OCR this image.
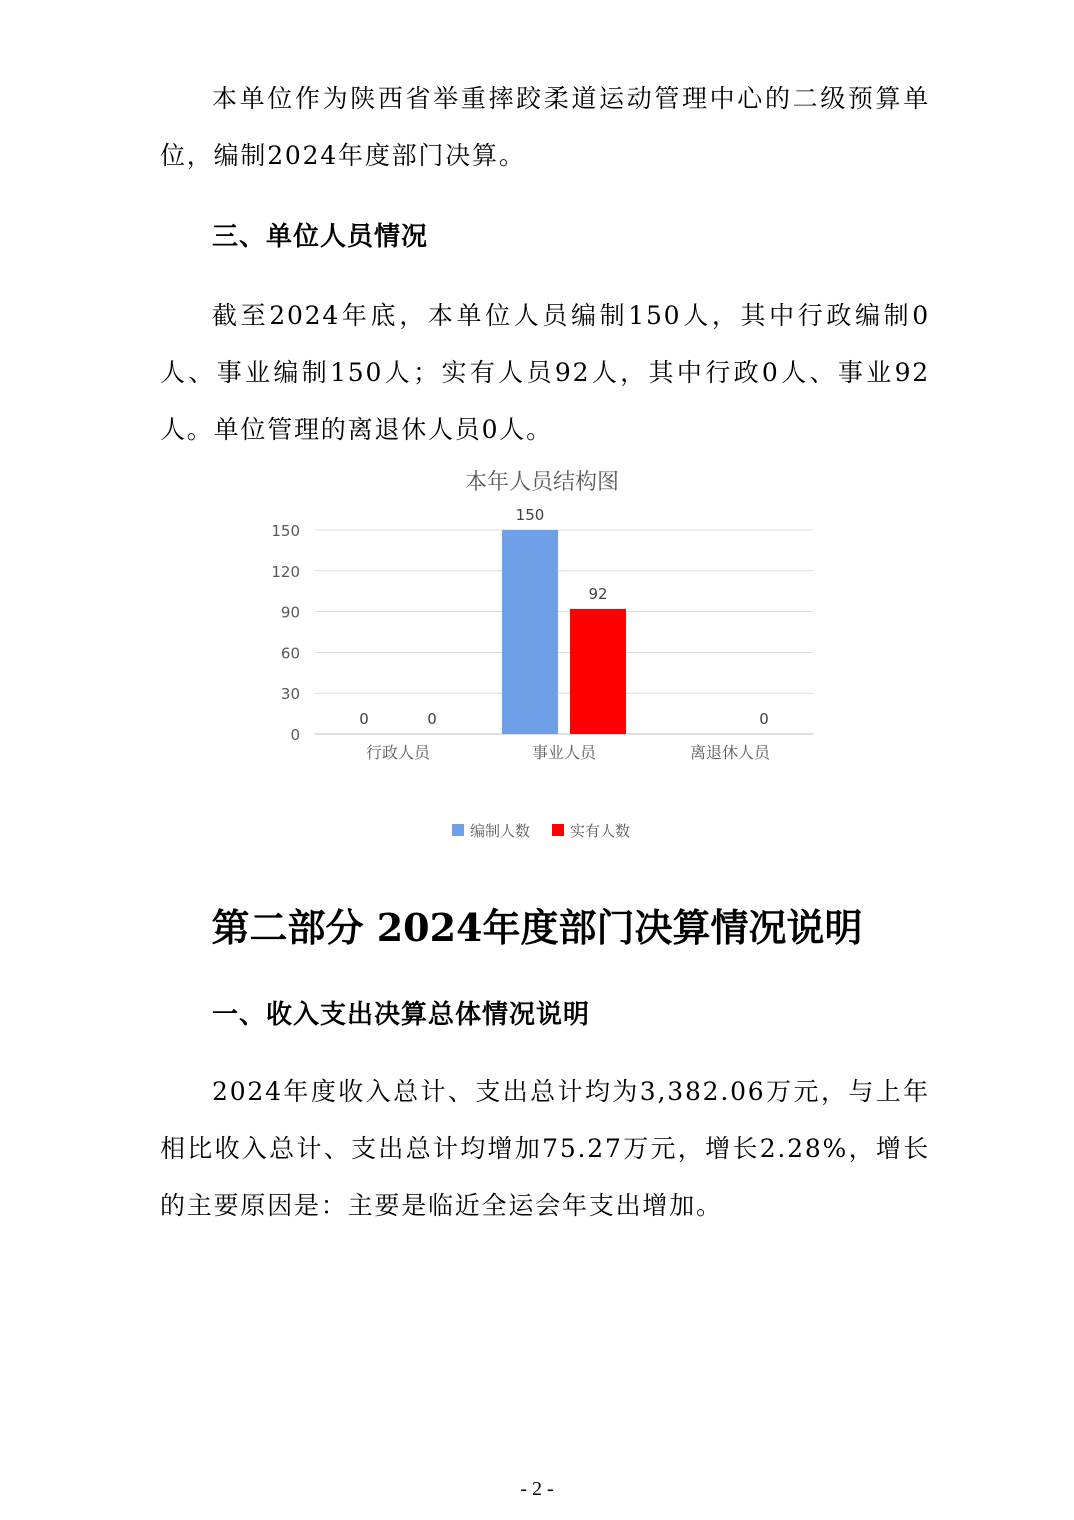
本单位作为陕西省举重摔跤柔道运动管理中心的二级预算单位，编制2024年度部门决算。

三、单位人员情况

截至2024年底，本单位人员编制150人，其中行政编制0人、事业编制150人；实有人员92人，其中行政0人、事业92人。单位管理的离退休人员0人。

本年人员结构图
0
30
60
90
120
150
0	0
150
92
0
行政人员	事业人员	离退休人员
编制人数	实有人数
第二部分 2024年度部门决算情况说明
一、收入支出决算总体情况说明

2024年度收入总计、支出总计均为3,382.06万元，与上年相比收入总计、支出总计均增加75.27万元，增长2.28%，增长的主要原因是：主要是临近全运会年支出增加。

- 2 -
